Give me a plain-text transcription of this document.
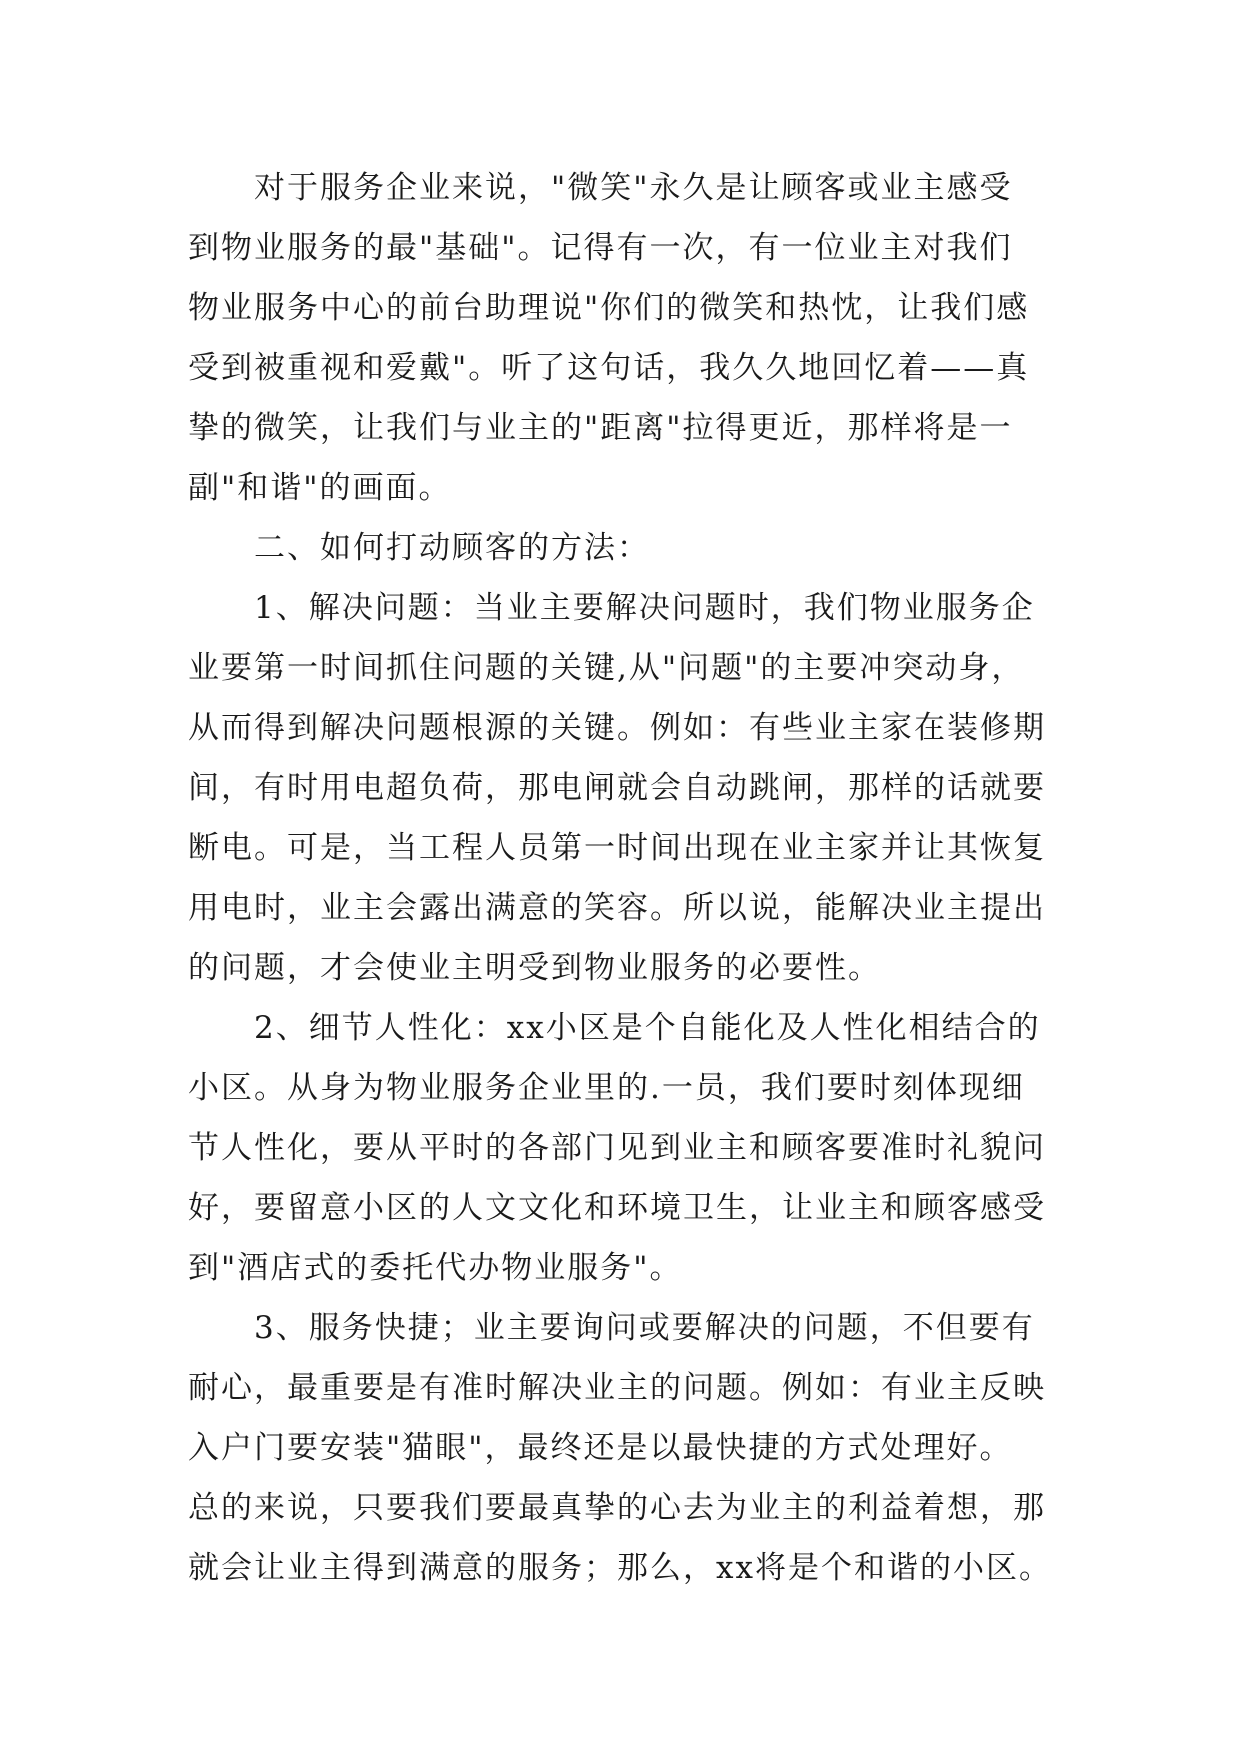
　　对于服务企业来说，"微笑"永久是让顾客或业主感受
到物业服务的最"基础"。记得有一次，有一位业主对我们
物业服务中心的前台助理说"你们的微笑和热忱，让我们感
受到被重视和爱戴"。听了这句话，我久久地回忆着——真
挚的微笑，让我们与业主的"距离"拉得更近，那样将是一
副"和谐"的画面。
　　二、如何打动顾客的方法：
　　1、解决问题：当业主要解决问题时，我们物业服务企
业要第一时间抓住问题的关键,从"问题"的主要冲突动身，
从而得到解决问题根源的关键。例如：有些业主家在装修期
间，有时用电超负荷，那电闸就会自动跳闸，那样的话就要
断电。可是，当工程人员第一时间出现在业主家并让其恢复
用电时，业主会露出满意的笑容。所以说，能解决业主提出
的问题，才会使业主明受到物业服务的必要性。
　　2、细节人性化：xx小区是个自能化及人性化相结合的
小区。从身为物业服务企业里的.一员，我们要时刻体现细
节人性化，要从平时的各部门见到业主和顾客要准时礼貌问
好，要留意小区的人文文化和环境卫生，让业主和顾客感受
到"酒店式的委托代办物业服务"。
　　3、服务快捷；业主要询问或要解决的问题，不但要有
耐心，最重要是有准时解决业主的问题。例如：有业主反映
入户门要安装"猫眼"，最终还是以最快捷的方式处理好。
总的来说，只要我们要最真挚的心去为业主的利益着想，那
就会让业主得到满意的服务；那么，xx将是个和谐的小区。
